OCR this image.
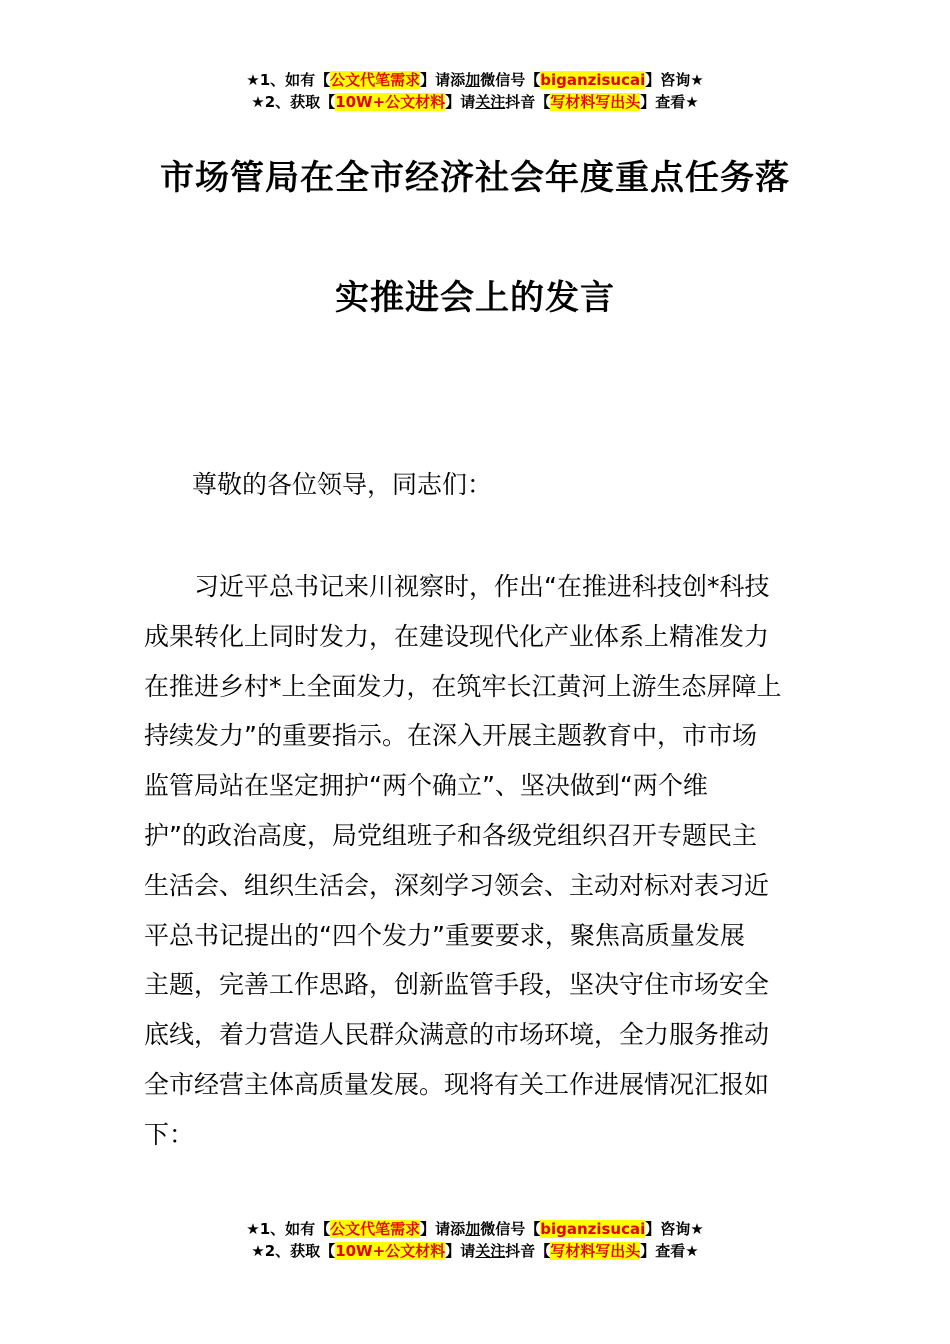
★1、如有【公文代笔需求】请添加微信号【biganzisucai】咨询★
★2、获取【10W+公文材料】请关注抖音【写材料写出头】查看★
市场管局在全市经济社会年度重点任务落
实推进会上的发言
尊敬的各位领导，同志们：
习近平总书记来川视察时，作出“在推进科技创*科技
成果转化上同时发力，在建设现代化产业体系上精准发力
在推进乡村*上全面发力，在筑牢长江黄河上游生态屏障上
持续发力”的重要指示。在深入开展主题教育中，市市场
监管局站在坚定拥护“两个确立”、坚决做到“两个维
护”的政治高度，局党组班子和各级党组织召开专题民主
生活会、组织生活会，深刻学习领会、主动对标对表习近
平总书记提出的“四个发力”重要要求，聚焦高质量发展
主题，完善工作思路，创新监管手段，坚决守住市场安全
底线，着力营造人民群众满意的市场环境，全力服务推动
全市经营主体高质量发展。现将有关工作进展情况汇报如
下：
★1、如有【公文代笔需求】请添加微信号【biganzisucai】咨询★
★2、获取【10W+公文材料】请关注抖音【写材料写出头】查看★
